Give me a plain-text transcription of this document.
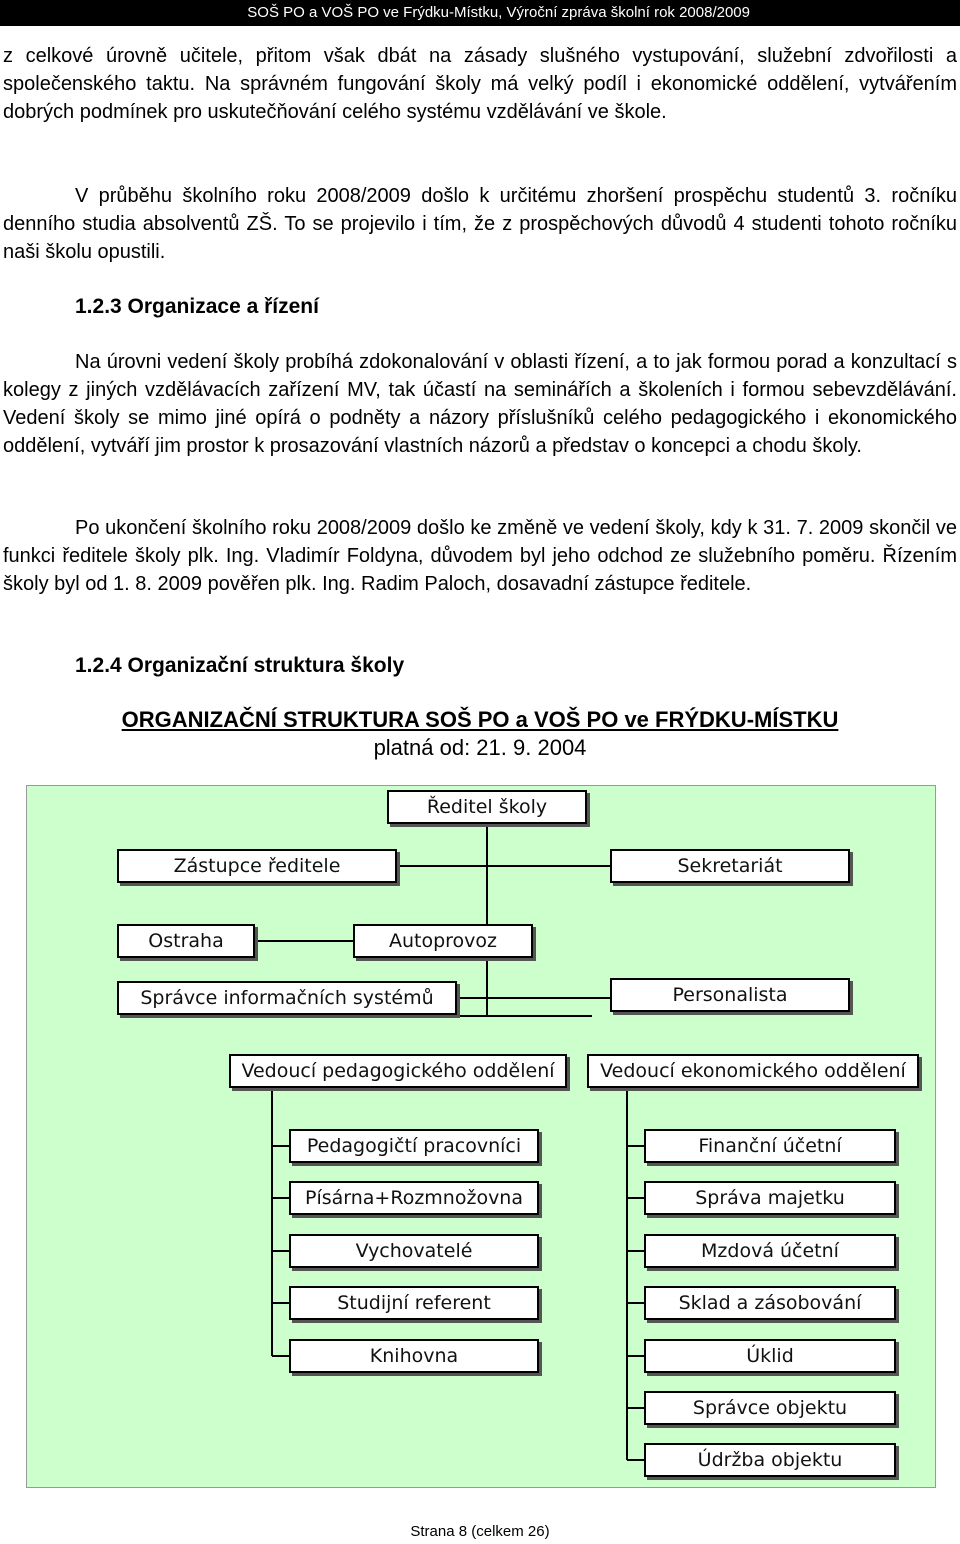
SOŠ PO a VOŠ PO ve Frýdku-Místku, Výroční zpráva školní rok 2008/2009
z celkové úrovně učitele, přitom však dbát na zásady slušného vystupování, služební zdvořilosti a společenského taktu. Na správném fungování školy má velký podíl i ekonomické oddělení, vytvářením dobrých podmínek pro uskutečňování celého systému vzdělávání ve škole.
V průběhu školního roku 2008/2009 došlo k určitému zhoršení prospěchu studentů 3. ročníku denního studia absolventů ZŠ. To se projevilo i tím, že z prospěchových důvodů 4 studenti tohoto ročníku naši školu opustili.
1.2.3 Organizace a řízení
Na úrovni vedení školy probíhá zdokonalování v oblasti řízení, a to jak formou porad a konzultací s kolegy z jiných vzdělávacích zařízení MV, tak účastí na seminářích a školeních i formou sebevzdělávání. Vedení školy se mimo jiné opírá o podněty a názory příslušníků celého pedagogického i ekonomického oddělení, vytváří jim prostor k prosazování vlastních názorů a představ o koncepci a chodu školy.
Po ukončení školního roku 2008/2009 došlo ke změně ve vedení školy, kdy k 31. 7. 2009 skončil ve funkci ředitele školy plk. Ing. Vladimír Foldyna, důvodem byl jeho odchod ze služebního poměru. Řízením školy byl od 1. 8. 2009 pověřen plk. Ing. Radim Paloch, dosavadní zástupce ředitele.
1.2.4 Organizační struktura školy
ORGANIZAČNÍ STRUKTURA SOŠ PO a VOŠ PO ve FRÝDKU-MÍSTKU
platná od: 21. 9. 2004
Ředitel školy
Zástupce ředitele	Sekretariát
Ostraha	Autoprovoz
Správce informačních systémů	Personalista
Vedoucí pedagogického oddělení	Vedoucí ekonomického oddělení
Pedagogičtí pracovníci
Písárna+Rozmnožovna
Vychovatelé
Studijní referent
Knihovna
Finanční účetní
Správa majetku
Mzdová účetní
Sklad a zásobování
Úklid
Správce objektu
Údržba objektu
Strana 8 (celkem 26)
